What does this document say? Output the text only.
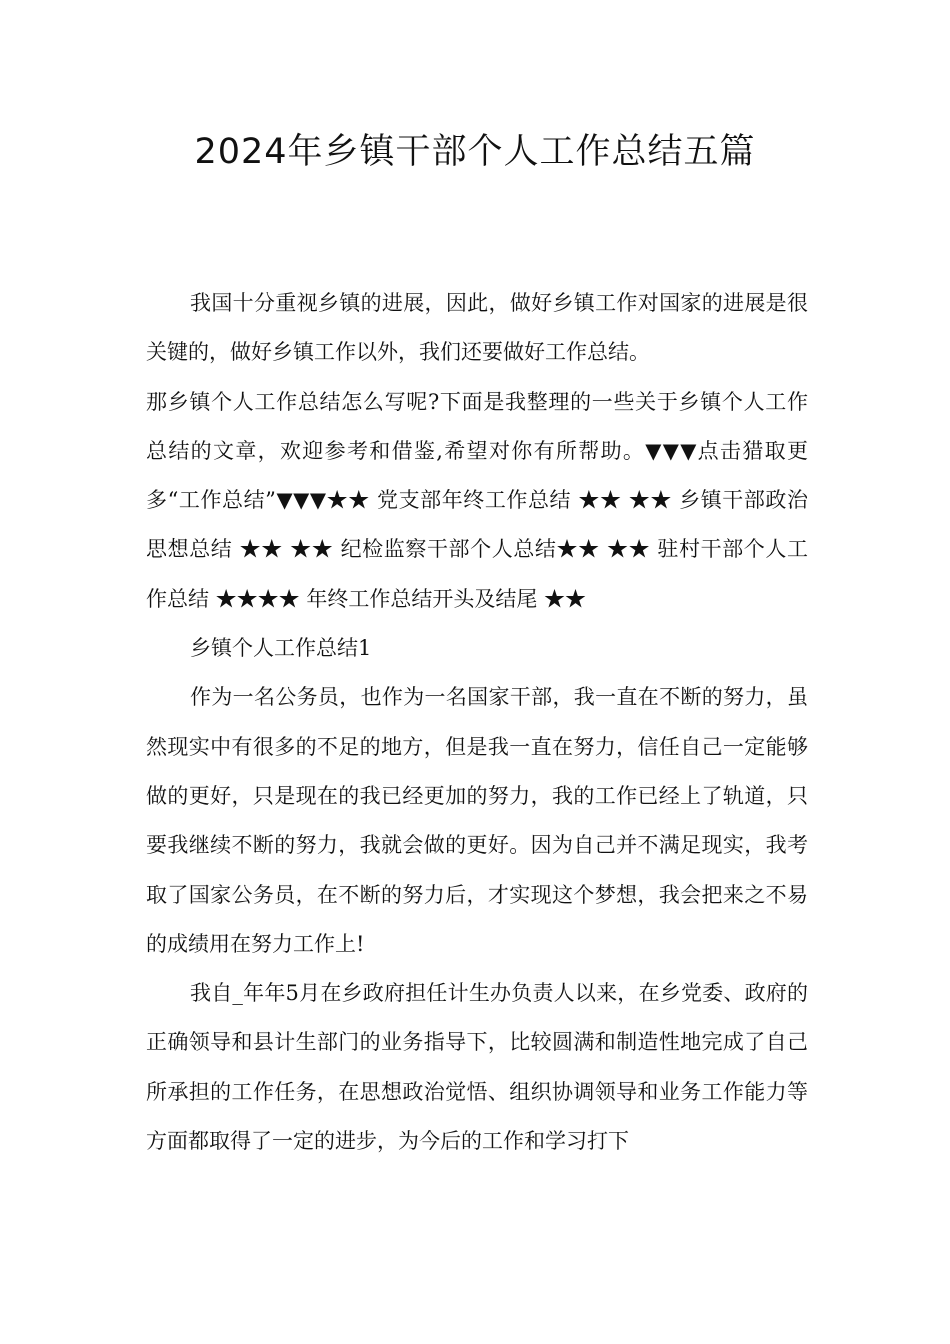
2024年乡镇干部个人工作总结五篇

我国十分重视乡镇的进展，因此，做好乡镇工作对国家的进展是很关键的，做好乡镇工作以外，我们还要做好工作总结。

那乡镇个人工作总结怎么写呢?下面是我整理的一些关于乡镇个人工作总结的文章，欢迎参考和借鉴,希望对你有所帮助。▼▼▼点击猎取更多“工作总结”▼▼▼★★ 党支部年终工作总结 ★★ ★★ 乡镇干部政治思想总结 ★★ ★★ 纪检监察干部个人总结★★ ★★ 驻村干部个人工作总结 ★★★★ 年终工作总结开头及结尾 ★★

乡镇个人工作总结1

作为一名公务员，也作为一名国家干部，我一直在不断的努力，虽然现实中有很多的不足的地方，但是我一直在努力，信任自己一定能够做的更好，只是现在的我已经更加的努力，我的工作已经上了轨道，只要我继续不断的努力，我就会做的更好。因为自己并不满足现实，我考取了国家公务员，在不断的努力后，才实现这个梦想，我会把来之不易的成绩用在努力工作上!

我自_年年5月在乡政府担任计生办负责人以来，在乡党委、政府的正确领导和县计生部门的业务指导下，比较圆满和制造性地完成了自己所承担的工作任务，在思想政治觉悟、组织协调领导和业务工作能力等方面都取得了一定的进步，为今后的工作和学习打下
